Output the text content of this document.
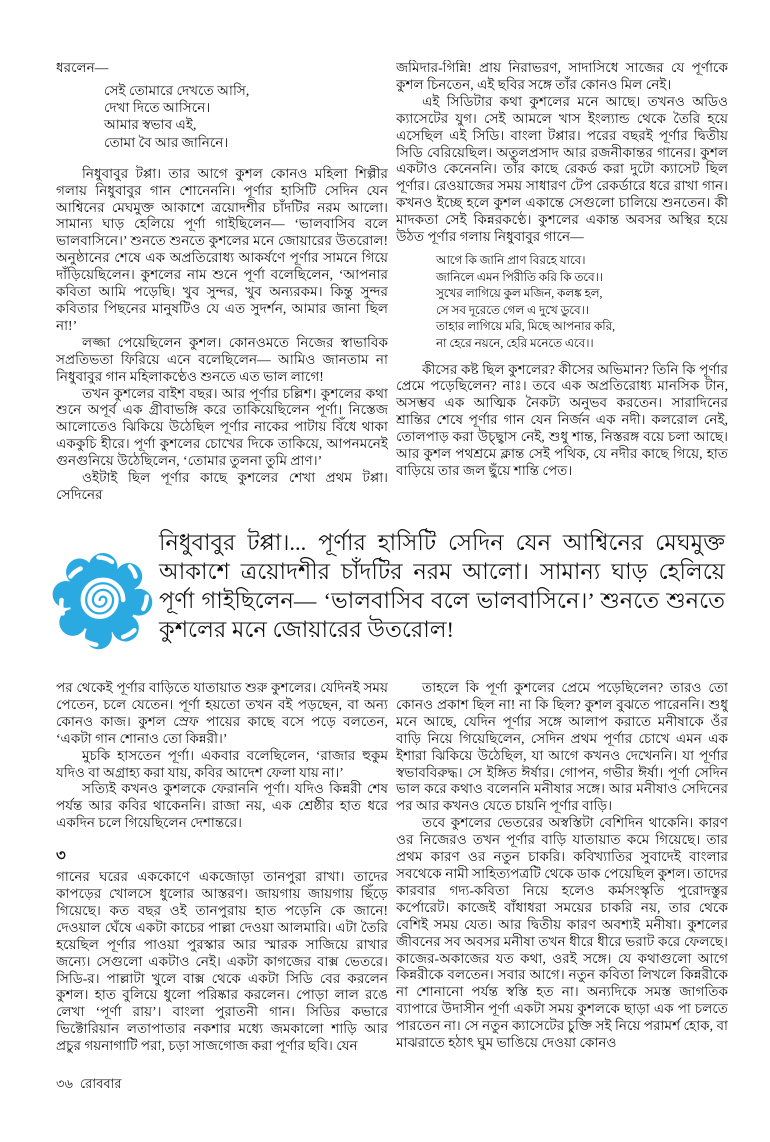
ধরলেন—

সেই তোমারে দেখতে আসি,
দেখা দিতে আসিনে।
আমার স্বভাব এই,
তোমা বৈ আর জানিনে।

নিধুবাবুর টপ্পা। তার আগে কুশল কোনও মহিলা শিল্পীর গলায় নিধুবাবুর গান শোনেননি। পূর্ণার হাসিটি সেদিন যেন আশ্বিনের মেঘমুক্ত আকাশে ত্রয়োদশীর চাঁদটির নরম আলো। সামান্য ঘাড় হেলিয়ে পূর্ণা গাইছিলেন— ‘ভালবাসিব বলে ভালবাসিনে।’ শুনতে শুনতে কুশলের মনে জোয়ারের উতরোল! অনুষ্ঠানের শেষে এক অপ্রতিরোধ্য আকর্ষণে পূর্ণার সামনে গিয়ে দাঁড়িয়েছিলেন। কুশলের নাম শুনে পূর্ণা বলেছিলেন, ‘আপনার কবিতা আমি পড়েছি। খুব সুন্দর, খুব অন্যরকম। কিন্তু সুন্দর কবিতার পিছনের মানুষটিও যে এত সুদর্শন, আমার জানা ছিল না!’

লজ্জা পেয়েছিলেন কুশল। কোনওমতে নিজের স্বাভাবিক সপ্রতিভতা ফিরিয়ে এনে বলেছিলেন— আমিও জানতাম না নিধুবাবুর গান মহিলাকণ্ঠেও শুনতে এত ভাল লাগে!

তখন কুশলের বাইশ বছর। আর পূর্ণার চল্লিশ। কুশলের কথা শুনে অপূর্ব এক গ্রীবাভঙ্গি করে তাকিয়েছিলেন পূর্ণা। নিস্তেজ আলোতেও ঝিকিয়ে উঠেছিল পূর্ণার নাকের পাটায় বিঁধে থাকা এককুচি হীরে। পূর্ণা কুশলের চোখের দিকে তাকিয়ে, আপনমনেই গুনগুনিয়ে উঠেছিলেন, ‘তোমার তুলনা তুমি প্রাণ।’

ওইটাই ছিল পূর্ণার কাছে কুশলের শেখা প্রথম টপ্পা। সেদিনের

জমিদার-গিন্নি! প্রায় নিরাভরণ, সাদাসিধে সাজের যে পূর্ণাকে কুশল চিনতেন, এই ছবির সঙ্গে তাঁর কোনও মিল নেই।

এই সিডিটার কথা কুশলের মনে আছে। তখনও অডিও ক্যাসেটের যুগ। সেই আমলে খাস ইংল্যান্ড থেকে তৈরি হয়ে এসেছিল এই সিডি। বাংলা টপ্পার। পরের বছরই পূর্ণার দ্বিতীয় সিডি বেরিয়েছিল। অতুলপ্রসাদ আর রজনীকান্তর গানের। কুশল একটাও কেনেননি। তাঁর কাছে রেকর্ড করা দুটো ক্যাসেট ছিল পূর্ণার। রেওয়াজের সময় সাধারণ টেপ রেকর্ডারে ধরে রাখা গান। কখনও ইচ্ছে হলে কুশল একান্তে সেগুলো চালিয়ে শুনতেন। কী মাদকতা সেই কিন্নরকণ্ঠে। কুশলের একান্ত অবসর অস্থির হয়ে উঠত পূর্ণার গলায় নিধুবাবুর গানে—

আগে কি জানি প্রাণ বিরহে যাবে।
জানিলে এমন পিরীতি করি কি তবে।।
সুখের লাগিয়ে কুল মজিন, কলঙ্ক হল,
সে সব দূরেতে গেল এ দুখে ডুবে।।
তাহার লাগিয়ে মরি, মিছে আপনার করি,
না হেরে নয়নে, হেরি মনেতে এবে।।

কীসের কষ্ট ছিল কুশলের? কীসের অভিমান? তিনি কি পূর্ণার প্রেমে পড়েছিলেন? নাঃ। তবে এক অপ্রতিরোধ্য মানসিক টান, অসম্ভব এক আত্মিক নৈকট্য অনুভব করতেন। সারাদিনের শ্রান্তির শেষে পূর্ণার গান যেন নির্জন এক নদী। কলরোল নেই, তোলপাড় করা উচ্ছ্বাস নেই, শুধু শান্ত, নিস্তরঙ্গ বয়ে চলা আছে। আর কুশল পথশ্রমে ক্লান্ত সেই পথিক, যে নদীর কাছে গিয়ে, হাত বাড়িয়ে তার জল ছুঁয়ে শান্তি পেত।

নিধুবাবুর টপ্পা।... পূর্ণার হাসিটি সেদিন যেন আশ্বিনের মেঘমুক্ত আকাশে ত্রয়োদশীর চাঁদটির নরম আলো। সামান্য ঘাড় হেলিয়ে পূর্ণা গাইছিলেন— ‘ভালবাসিব বলে ভালবাসিনে।’ শুনতে শুনতে কুশলের মনে জোয়ারের উতরোল!

পর থেকেই পূর্ণার বাড়িতে যাতায়াত শুরু কুশলের। যেদিনই সময় পেতেন, চলে যেতেন। পূর্ণা হয়তো তখন বই পড়ছেন, বা অন্য কোনও কাজ। কুশল স্রেফ পায়ের কাছে বসে পড়ে বলতেন, ‘একটা গান শোনাও তো কিন্নরী।’

মুচকি হাসতেন পূর্ণা। একবার বলেছিলেন, ‘রাজার হুকুম যদিও বা অগ্রাহ্য করা যায়, কবির আদেশ ফেলা যায় না।’

সত্যিই কখনও কুশলকে ফেরাননি পূর্ণা। যদিও কিন্নরী শেষ পর্যন্ত আর কবির থাকেননি। রাজা নয়, এক শ্রেষ্ঠীর হাত ধরে একদিন চলে গিয়েছিলেন দেশান্তরে।

৩

গানের ঘরের এককোণে একজোড়া তানপুরা রাখা। তাদের কাপড়ের খোলসে ধুলোর আস্তরণ। জায়গায় জায়গায় ছিঁড়ে গিয়েছে। কত বছর ওই তানপুরায় হাত পড়েনি কে জানে! দেওয়াল ঘেঁষে একটা কাচের পাল্লা দেওয়া আলমারি। এটা তৈরি হয়েছিল পূর্ণার পাওয়া পুরস্কার আর স্মারক সাজিয়ে রাখার জন্যে। সেগুলো একটাও নেই। একটা কাগজের বাক্স ভেতরে। সিডি-র। পাল্লাটা খুলে বাক্স থেকে একটা সিডি বের করলেন কুশল। হাত বুলিয়ে ধুলো পরিষ্কার করলেন। পোড়া লাল রঙে লেখা ‘পূর্ণা রায়’। বাংলা পুরাতনী গান। সিডির কভারে ভিক্টোরিয়ান লতাপাতার নকশার মধ্যে জমকালো শাড়ি আর প্রচুর গয়নাগাটি পরা, চড়া সাজগোজ করা পূর্ণার ছবি। যেন

তাহলে কি পূর্ণা কুশলের প্রেমে পড়েছিলেন? তারও তো কোনও প্রকাশ ছিল না! না কি ছিল? কুশল বুঝতে পারেননি। শুধু মনে আছে, যেদিন পূর্ণার সঙ্গে আলাপ করাতে মনীষাকে ওঁর বাড়ি নিয়ে গিয়েছিলেন, সেদিন প্রথম পূর্ণার চোখে এমন এক ইশারা ঝিকিয়ে উঠেছিল, যা আগে কখনও দেখেননি। যা পূর্ণার স্বভাববিরুদ্ধ। সে ইঙ্গিত ঈর্ষার। গোপন, গভীর ঈর্ষা। পূর্ণা সেদিন ভাল করে কথাও বলেননি মনীষার সঙ্গে। আর মনীষাও সেদিনের পর আর কখনও যেতে চায়নি পূর্ণার বাড়ি।

তবে কুশলের ভেতরের অস্বস্তিটা বেশিদিন থাকেনি। কারণ ওর নিজেরও তখন পূর্ণার বাড়ি যাতায়াত কমে গিয়েছে। তার প্রথম কারণ ওর নতুন চাকরি। কবিখ্যাতির সুবাদেই বাংলার সবথেকে নামী সাহিত্যপত্রটি থেকে ডাক পেয়েছিল কুশল। তাদের কারবার গদ্য-কবিতা নিয়ে হলেও কর্মসংস্কৃতি পুরোদস্তুর কর্পোরেট। কাজেই বাঁধাধরা সময়ের চাকরি নয়, তার থেকে বেশিই সময় যেত। আর দ্বিতীয় কারণ অবশ্যই মনীষা। কুশলের জীবনের সব অবসর মনীষা তখন ধীরে ধীরে ভরাট করে ফেলছে। কাজের-অকাজের যত কথা, ওরই সঙ্গে। যে কথাগুলো আগে কিন্নরীকে বলতেন। সবার আগে। নতুন কবিতা লিখলে কিন্নরীকে না শোনানো পর্যন্ত স্বস্তি হত না। অন্যদিকে সমস্ত জাগতিক ব্যাপারে উদাসীন পূর্ণা একটা সময় কুশলকে ছাড়া এক পা চলতে পারতেন না। সে নতুন ক্যাসেটের চুক্তি সই নিয়ে পরামর্শ হোক, বা মাঝরাতে হঠাৎ ঘুম ভাঙিয়ে দেওয়া কোনও

৩৬ রোববার
